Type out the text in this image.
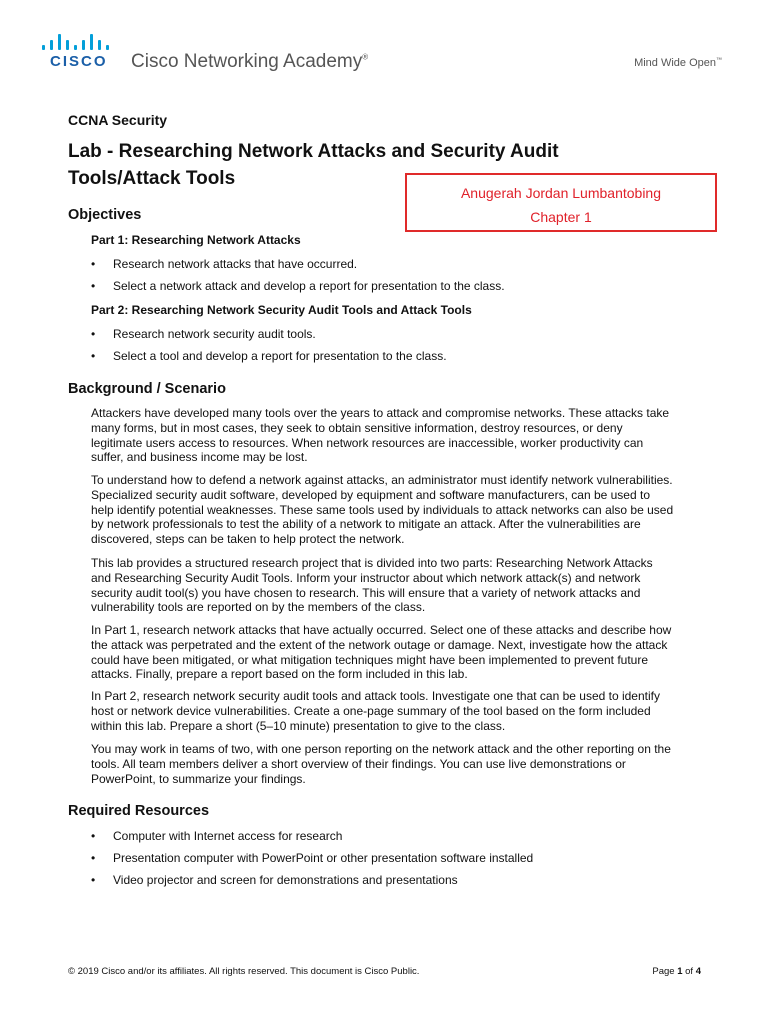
CISCO Cisco Networking Academy®	Mind Wide Open™
CCNA Security
Lab - Researching Network Attacks and Security Audit
Tools/Attack Tools
Anugerah Jordan Lumbantobing
Chapter 1
Objectives
Part 1: Researching Network Attacks
• Research network attacks that have occurred.
• Select a network attack and develop a report for presentation to the class.
Part 2: Researching Network Security Audit Tools and Attack Tools
• Research network security audit tools.
• Select a tool and develop a report for presentation to the class.
Background / Scenario
Attackers have developed many tools over the years to attack and compromise networks. These attacks take
many forms, but in most cases, they seek to obtain sensitive information, destroy resources, or deny
legitimate users access to resources. When network resources are inaccessible, worker productivity can
suffer, and business income may be lost.
To understand how to defend a network against attacks, an administrator must identify network vulnerabilities.
Specialized security audit software, developed by equipment and software manufacturers, can be used to
help identify potential weaknesses. These same tools used by individuals to attack networks can also be used
by network professionals to test the ability of a network to mitigate an attack. After the vulnerabilities are
discovered, steps can be taken to help protect the network.
This lab provides a structured research project that is divided into two parts: Researching Network Attacks
and Researching Security Audit Tools. Inform your instructor about which network attack(s) and network
security audit tool(s) you have chosen to research. This will ensure that a variety of network attacks and
vulnerability tools are reported on by the members of the class.
In Part 1, research network attacks that have actually occurred. Select one of these attacks and describe how
the attack was perpetrated and the extent of the network outage or damage. Next, investigate how the attack
could have been mitigated, or what mitigation techniques might have been implemented to prevent future
attacks. Finally, prepare a report based on the form included in this lab.
In Part 2, research network security audit tools and attack tools. Investigate one that can be used to identify
host or network device vulnerabilities. Create a one-page summary of the tool based on the form included
within this lab. Prepare a short (5–10 minute) presentation to give to the class.
You may work in teams of two, with one person reporting on the network attack and the other reporting on the
tools. All team members deliver a short overview of their findings. You can use live demonstrations or
PowerPoint, to summarize your findings.
Required Resources
• Computer with Internet access for research
• Presentation computer with PowerPoint or other presentation software installed
• Video projector and screen for demonstrations and presentations
© 2019 Cisco and/or its affiliates. All rights reserved. This document is Cisco Public.	Page 1 of 4
